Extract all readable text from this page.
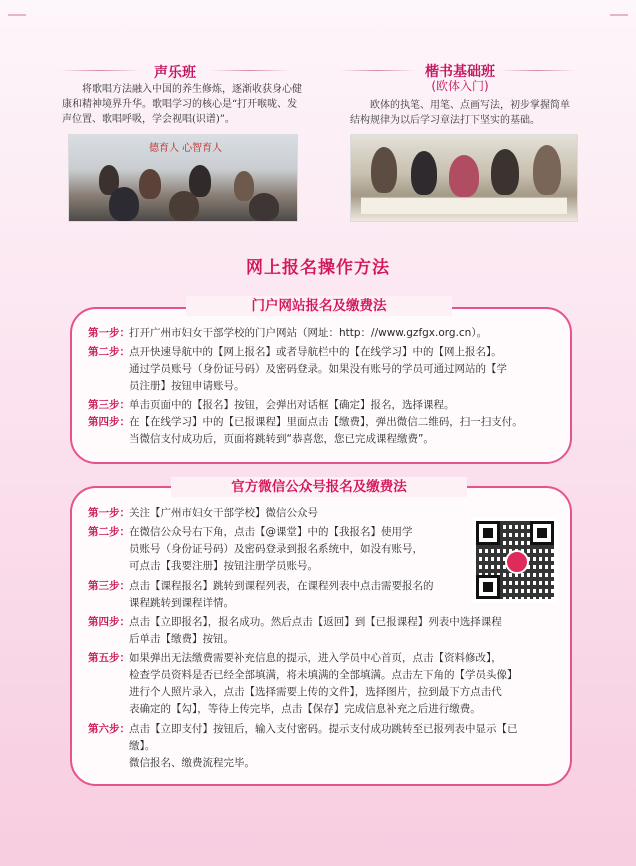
声乐班
将歌唱方法融入中国的养生修炼，逐渐收获身心健康和精神境界升华。歌唱学习的核心是“打开喉咙、发声位置、歌唱呼吸，学会视唱(识谱)”。
德育人 心智育人
楷书基础班
(欧体入门)
欧体的执笔、用笔、点画写法，初步掌握简单结构规律为以后学习章法打下坚实的基础。
网上报名操作方法
门户网站报名及缴费法
第一步： 打开广州市妇女干部学校的门户网站（网址：http：//www.gzfgx.org.cn）。
第二步： 点开快速导航中的【网上报名】或者导航栏中的【在线学习】中的【网上报名】。
通过学员账号（身份证号码）及密码登录。如果没有账号的学员可通过网站的【学
员注册】按钮申请账号。
第三步： 单击页面中的【报名】按钮，会弹出对话框【确定】报名，选择课程。
第四步： 在【在线学习】中的【已报课程】里面点击【缴费】，弹出微信二维码，扫一扫支付。
当微信支付成功后，页面将跳转到“恭喜您，您已完成课程缴费”。
官方微信公众号报名及缴费法
第一步： 关注【广州市妇女干部学校】微信公众号
第二步： 在微信公众号右下角，点击【@课堂】中的【我报名】使用学
员账号（身份证号码）及密码登录到报名系统中，如没有账号，
可点击【我要注册】按钮注册学员账号。
第三步： 点击【课程报名】跳转到课程列表，在课程列表中点击需要报名的
课程跳转到课程详情。
第四步： 点击【立即报名】，报名成功。然后点击【返回】到【已报课程】列表中选择课程
后单击【缴费】按钮。
第五步： 如果弹出无法缴费需要补充信息的提示，进入学员中心首页，点击【资料修改】，
检查学员资料是否已经全部填满，将未填满的全部填满。点击左下角的【学员头像】
进行个人照片录入，点击【选择需要上传的文件】，选择图片，拉到最下方点击代
表确定的【勾】，等待上传完毕，点击【保存】完成信息补充之后进行缴费。
第六步： 点击【立即支付】按钮后，输入支付密码。提示支付成功跳转至已报列表中显示【已
缴】。
微信报名、缴费流程完毕。
